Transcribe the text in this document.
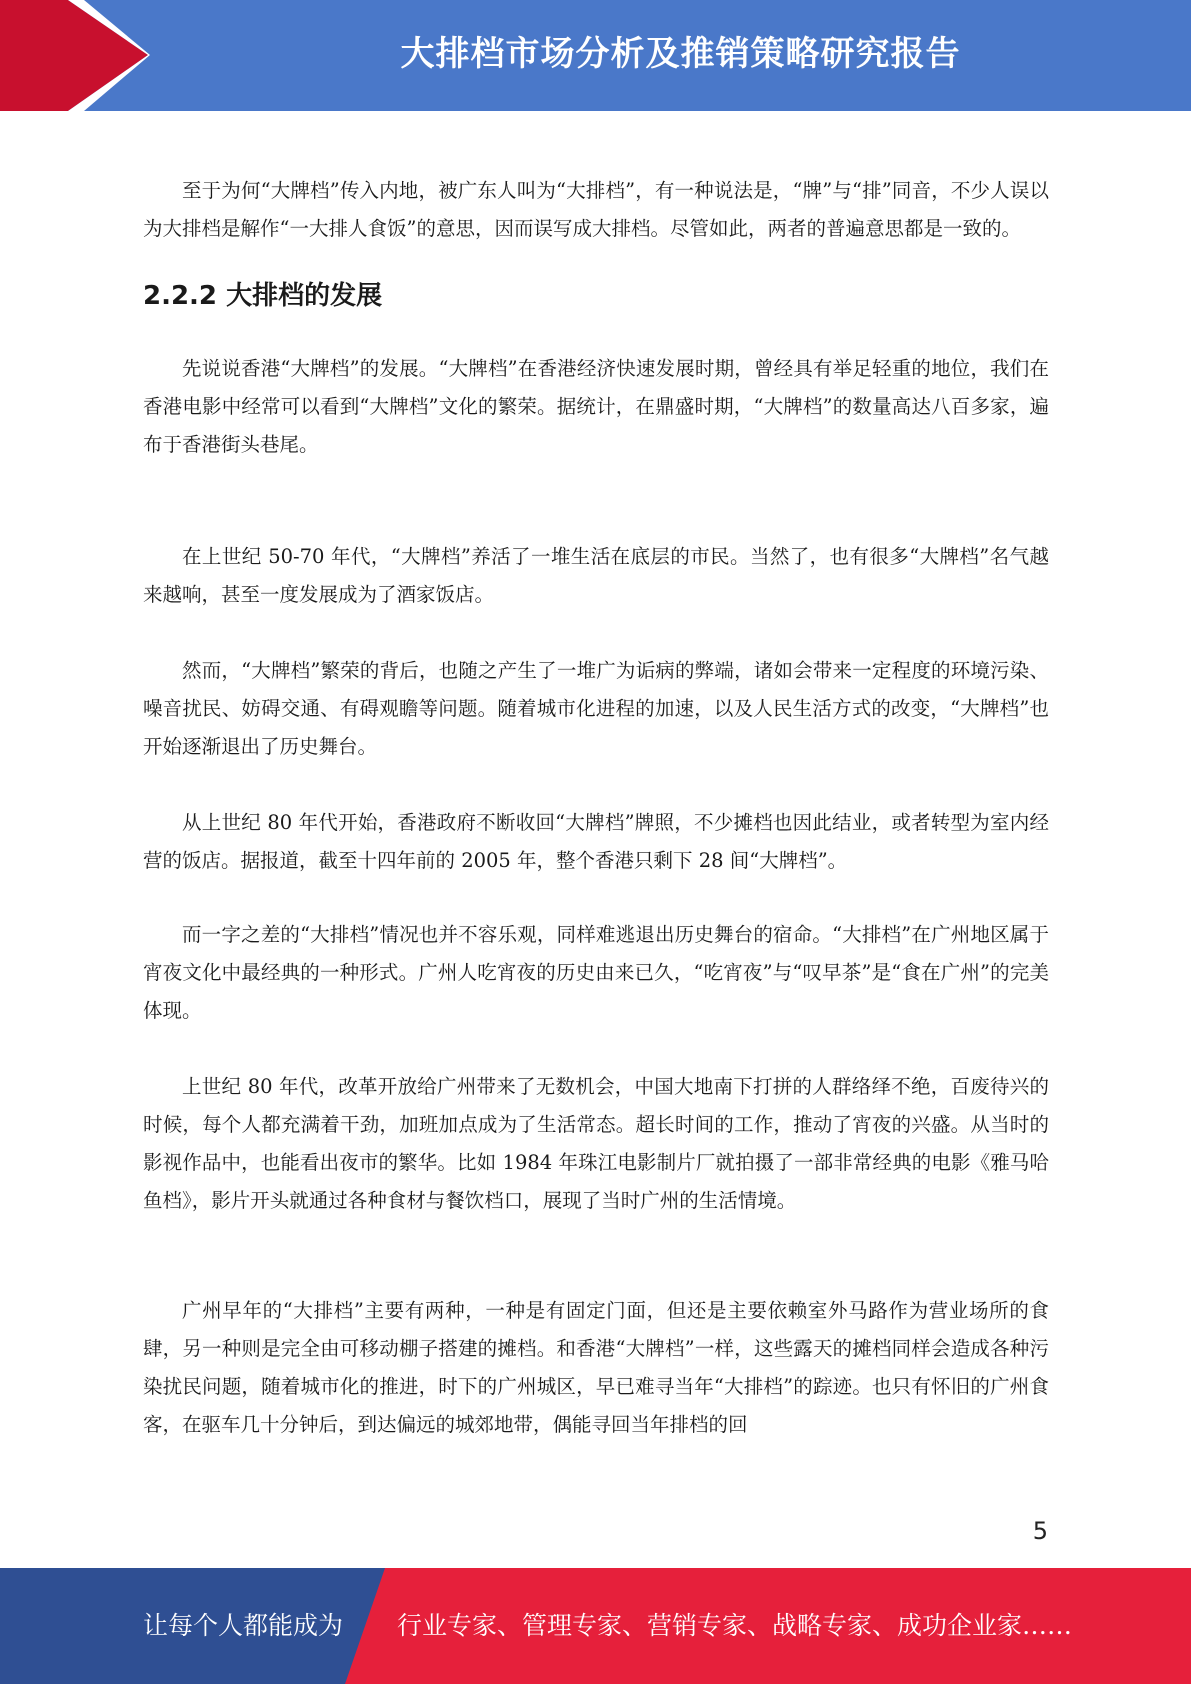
大排档市场分析及推销策略研究报告

至于为何“大牌档”传入内地，被广东人叫为“大排档”，有一种说法是，“牌”与“排”同音，不少人误以为大排档是解作“一大排人食饭”的意思，因而误写成大排档。尽管如此，两者的普遍意思都是一致的。

2.2.2 大排档的发展

先说说香港“大牌档”的发展。“大牌档”在香港经济快速发展时期，曾经具有举足轻重的地位，我们在香港电影中经常可以看到“大牌档”文化的繁荣。据统计，在鼎盛时期，“大牌档”的数量高达八百多家，遍布于香港街头巷尾。

在上世纪 50-70 年代，“大牌档”养活了一堆生活在底层的市民。当然了，也有很多“大牌档”名气越来越响，甚至一度发展成为了酒家饭店。

然而，“大牌档”繁荣的背后，也随之产生了一堆广为诟病的弊端，诸如会带来一定程度的环境污染、噪音扰民、妨碍交通、有碍观瞻等问题。随着城市化进程的加速，以及人民生活方式的改变，“大牌档”也开始逐渐退出了历史舞台。

从上世纪 80 年代开始，香港政府不断收回“大牌档”牌照，不少摊档也因此结业，或者转型为室内经营的饭店。据报道，截至十四年前的 2005 年，整个香港只剩下 28 间“大牌档”。

而一字之差的“大排档”情况也并不容乐观，同样难逃退出历史舞台的宿命。“大排档”在广州地区属于宵夜文化中最经典的一种形式。广州人吃宵夜的历史由来已久，“吃宵夜”与“叹早茶”是“食在广州”的完美体现。

上世纪 80 年代，改革开放给广州带来了无数机会，中国大地南下打拼的人群络绎不绝，百废待兴的时候，每个人都充满着干劲，加班加点成为了生活常态。超长时间的工作，推动了宵夜的兴盛。从当时的影视作品中，也能看出夜市的繁华。比如 1984 年珠江电影制片厂就拍摄了一部非常经典的电影《雅马哈鱼档》，影片开头就通过各种食材与餐饮档口，展现了当时广州的生活情境。

广州早年的“大排档”主要有两种，一种是有固定门面，但还是主要依赖室外马路作为营业场所的食肆，另一种则是完全由可移动棚子搭建的摊档。和香港“大牌档”一样，这些露天的摊档同样会造成各种污染扰民问题，随着城市化的推进，时下的广州城区，早已难寻当年“大排档”的踪迹。也只有怀旧的广州食客，在驱车几十分钟后，到达偏远的城郊地带，偶能寻回当年排档的回

5
让每个人都能成为 行业专家、管理专家、营销专家、战略专家、成功企业家……
